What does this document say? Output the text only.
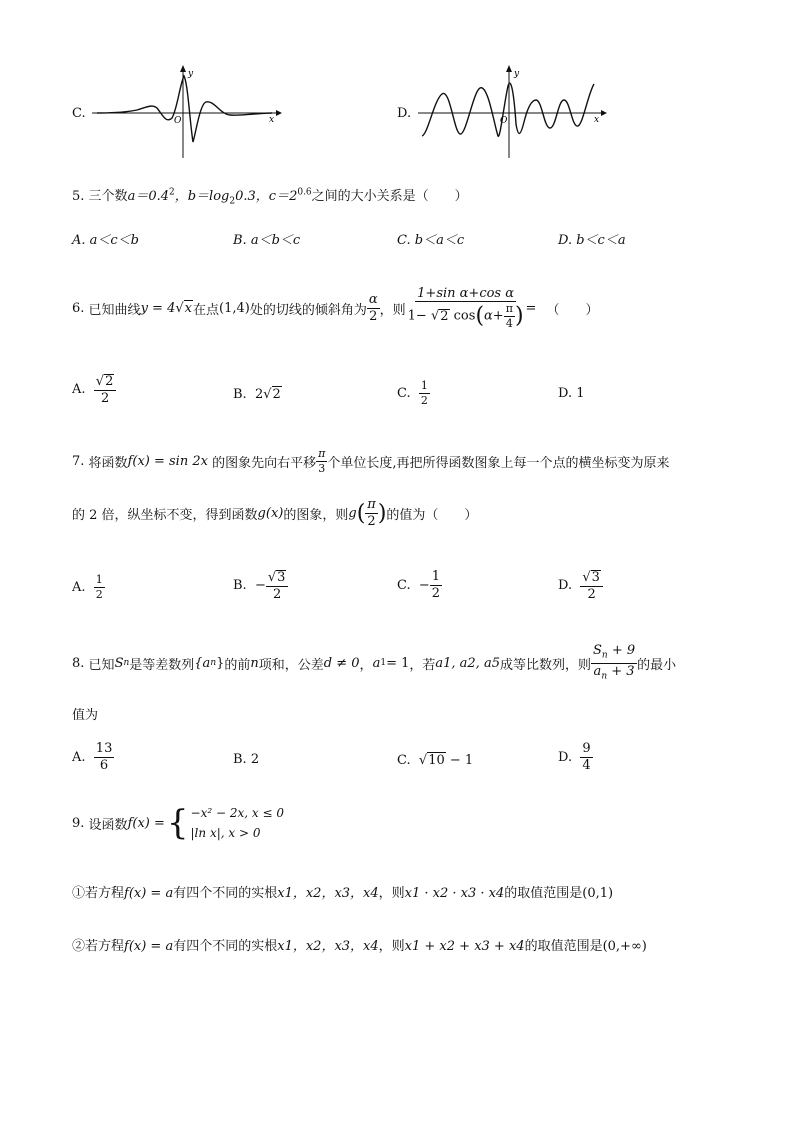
C.
y
x
O	D.
y
x
O
5. 三个数$a=0.4^2$，$b=\log_20.3$，$c=2^{0.6}$之间的大小关系是（　　）
A. a＜c＜b	B. a＜b＜c	C. b＜a＜c	D. b＜c＜a
6.
已知曲线 y = 4 √ x 在点 (1,4) 处的切线的倾斜角为 $\frac{\alpha}{2}$ ，则 $\frac{\text{1+sin α+cos α}}{1- √2 \cos(\alpha+ \frac{\pi}{4} )}$ = （　　）
A.
$\frac{√2}{2}$	B. 2√2	C.
$\frac{1}{2}$	D. 1
7.
将函数 f(x) = sin 2x
的图象先向右平移 $\frac{\pi}{3}$ 个单位长度,再把所得函数图象上每一个点的横坐标变为原来
的 2 倍，纵坐标不变，得到函数 g(x) 的图象，则 g ( $\frac{\pi}{2}$ ) 的值为（　　）
A.
$\frac{1}{2}$	B.
− $\frac{√3}{2}$	C.
− $\frac{1}{2}$	D.
$\frac{√3}{2}$
8.
已知 S n 是等差数列 {a n } 的前 n 项和，公差 d ≠ 0 ， a 1 = 1 ，若 a1, a2, a5 成等比数列，则 $\frac{S_n + 9}{a_n + 3}$ 的最小
值为
A.
$\frac{13}{6}$	B. 2	C.  √10 − 1	D.
$\frac{9}{4}$
9.
设函数 f(x) = { −x² − 2x, x ≤ 0
|ln x|, x > 0
①若方程f(x) = a有四个不同的实根x1，x2，x3，x4，则x1 · x2 · x3 · x4的取值范围是(0,1)
②若方程f(x) = a有四个不同的实根x1，x2，x3，x4，则x1 + x2 + x3 + x4的取值范围是(0,+∞)
